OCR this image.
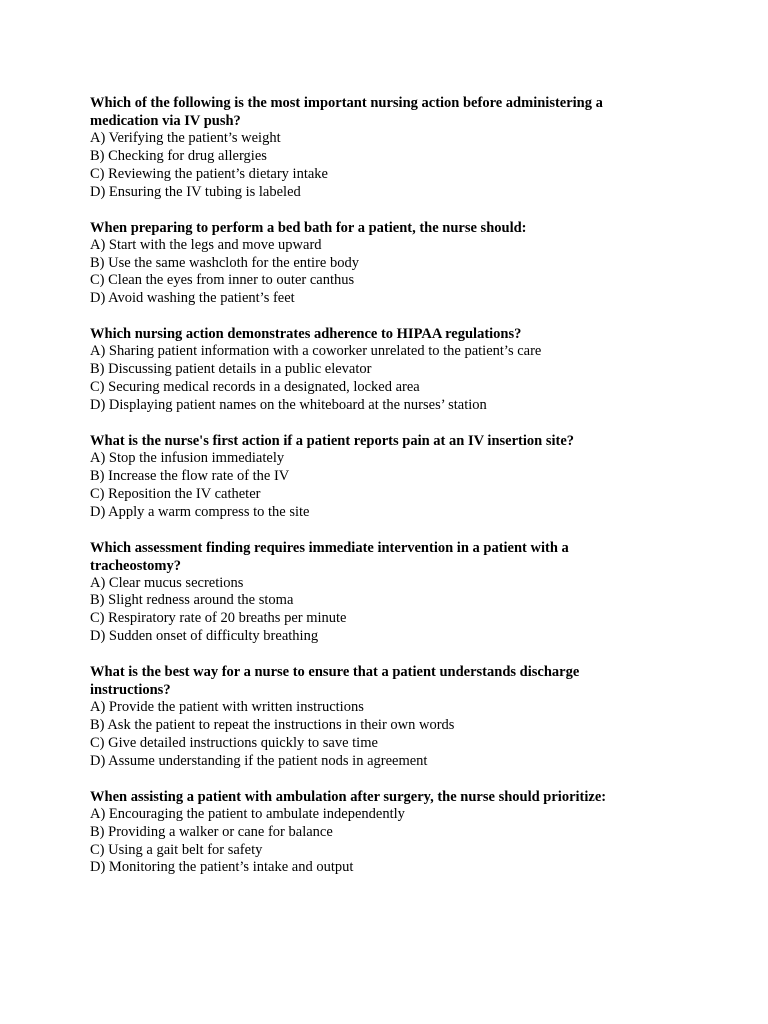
Which of the following is the most important nursing action before administering a medication via IV push?

A) Verifying the patient’s weight

B) Checking for drug allergies

C) Reviewing the patient’s dietary intake

D) Ensuring the IV tubing is labeled

When preparing to perform a bed bath for a patient, the nurse should:

A) Start with the legs and move upward

B) Use the same washcloth for the entire body

C) Clean the eyes from inner to outer canthus

D) Avoid washing the patient’s feet

Which nursing action demonstrates adherence to HIPAA regulations?

A) Sharing patient information with a coworker unrelated to the patient’s care

B) Discussing patient details in a public elevator

C) Securing medical records in a designated, locked area

D) Displaying patient names on the whiteboard at the nurses’ station

What is the nurse's first action if a patient reports pain at an IV insertion site?

A) Stop the infusion immediately

B) Increase the flow rate of the IV

C) Reposition the IV catheter

D) Apply a warm compress to the site

Which assessment finding requires immediate intervention in a patient with a tracheostomy?

A) Clear mucus secretions

B) Slight redness around the stoma

C) Respiratory rate of 20 breaths per minute

D) Sudden onset of difficulty breathing

What is the best way for a nurse to ensure that a patient understands discharge instructions?

A) Provide the patient with written instructions

B) Ask the patient to repeat the instructions in their own words

C) Give detailed instructions quickly to save time

D) Assume understanding if the patient nods in agreement

When assisting a patient with ambulation after surgery, the nurse should prioritize:

A) Encouraging the patient to ambulate independently

B) Providing a walker or cane for balance

C) Using a gait belt for safety

D) Monitoring the patient’s intake and output
